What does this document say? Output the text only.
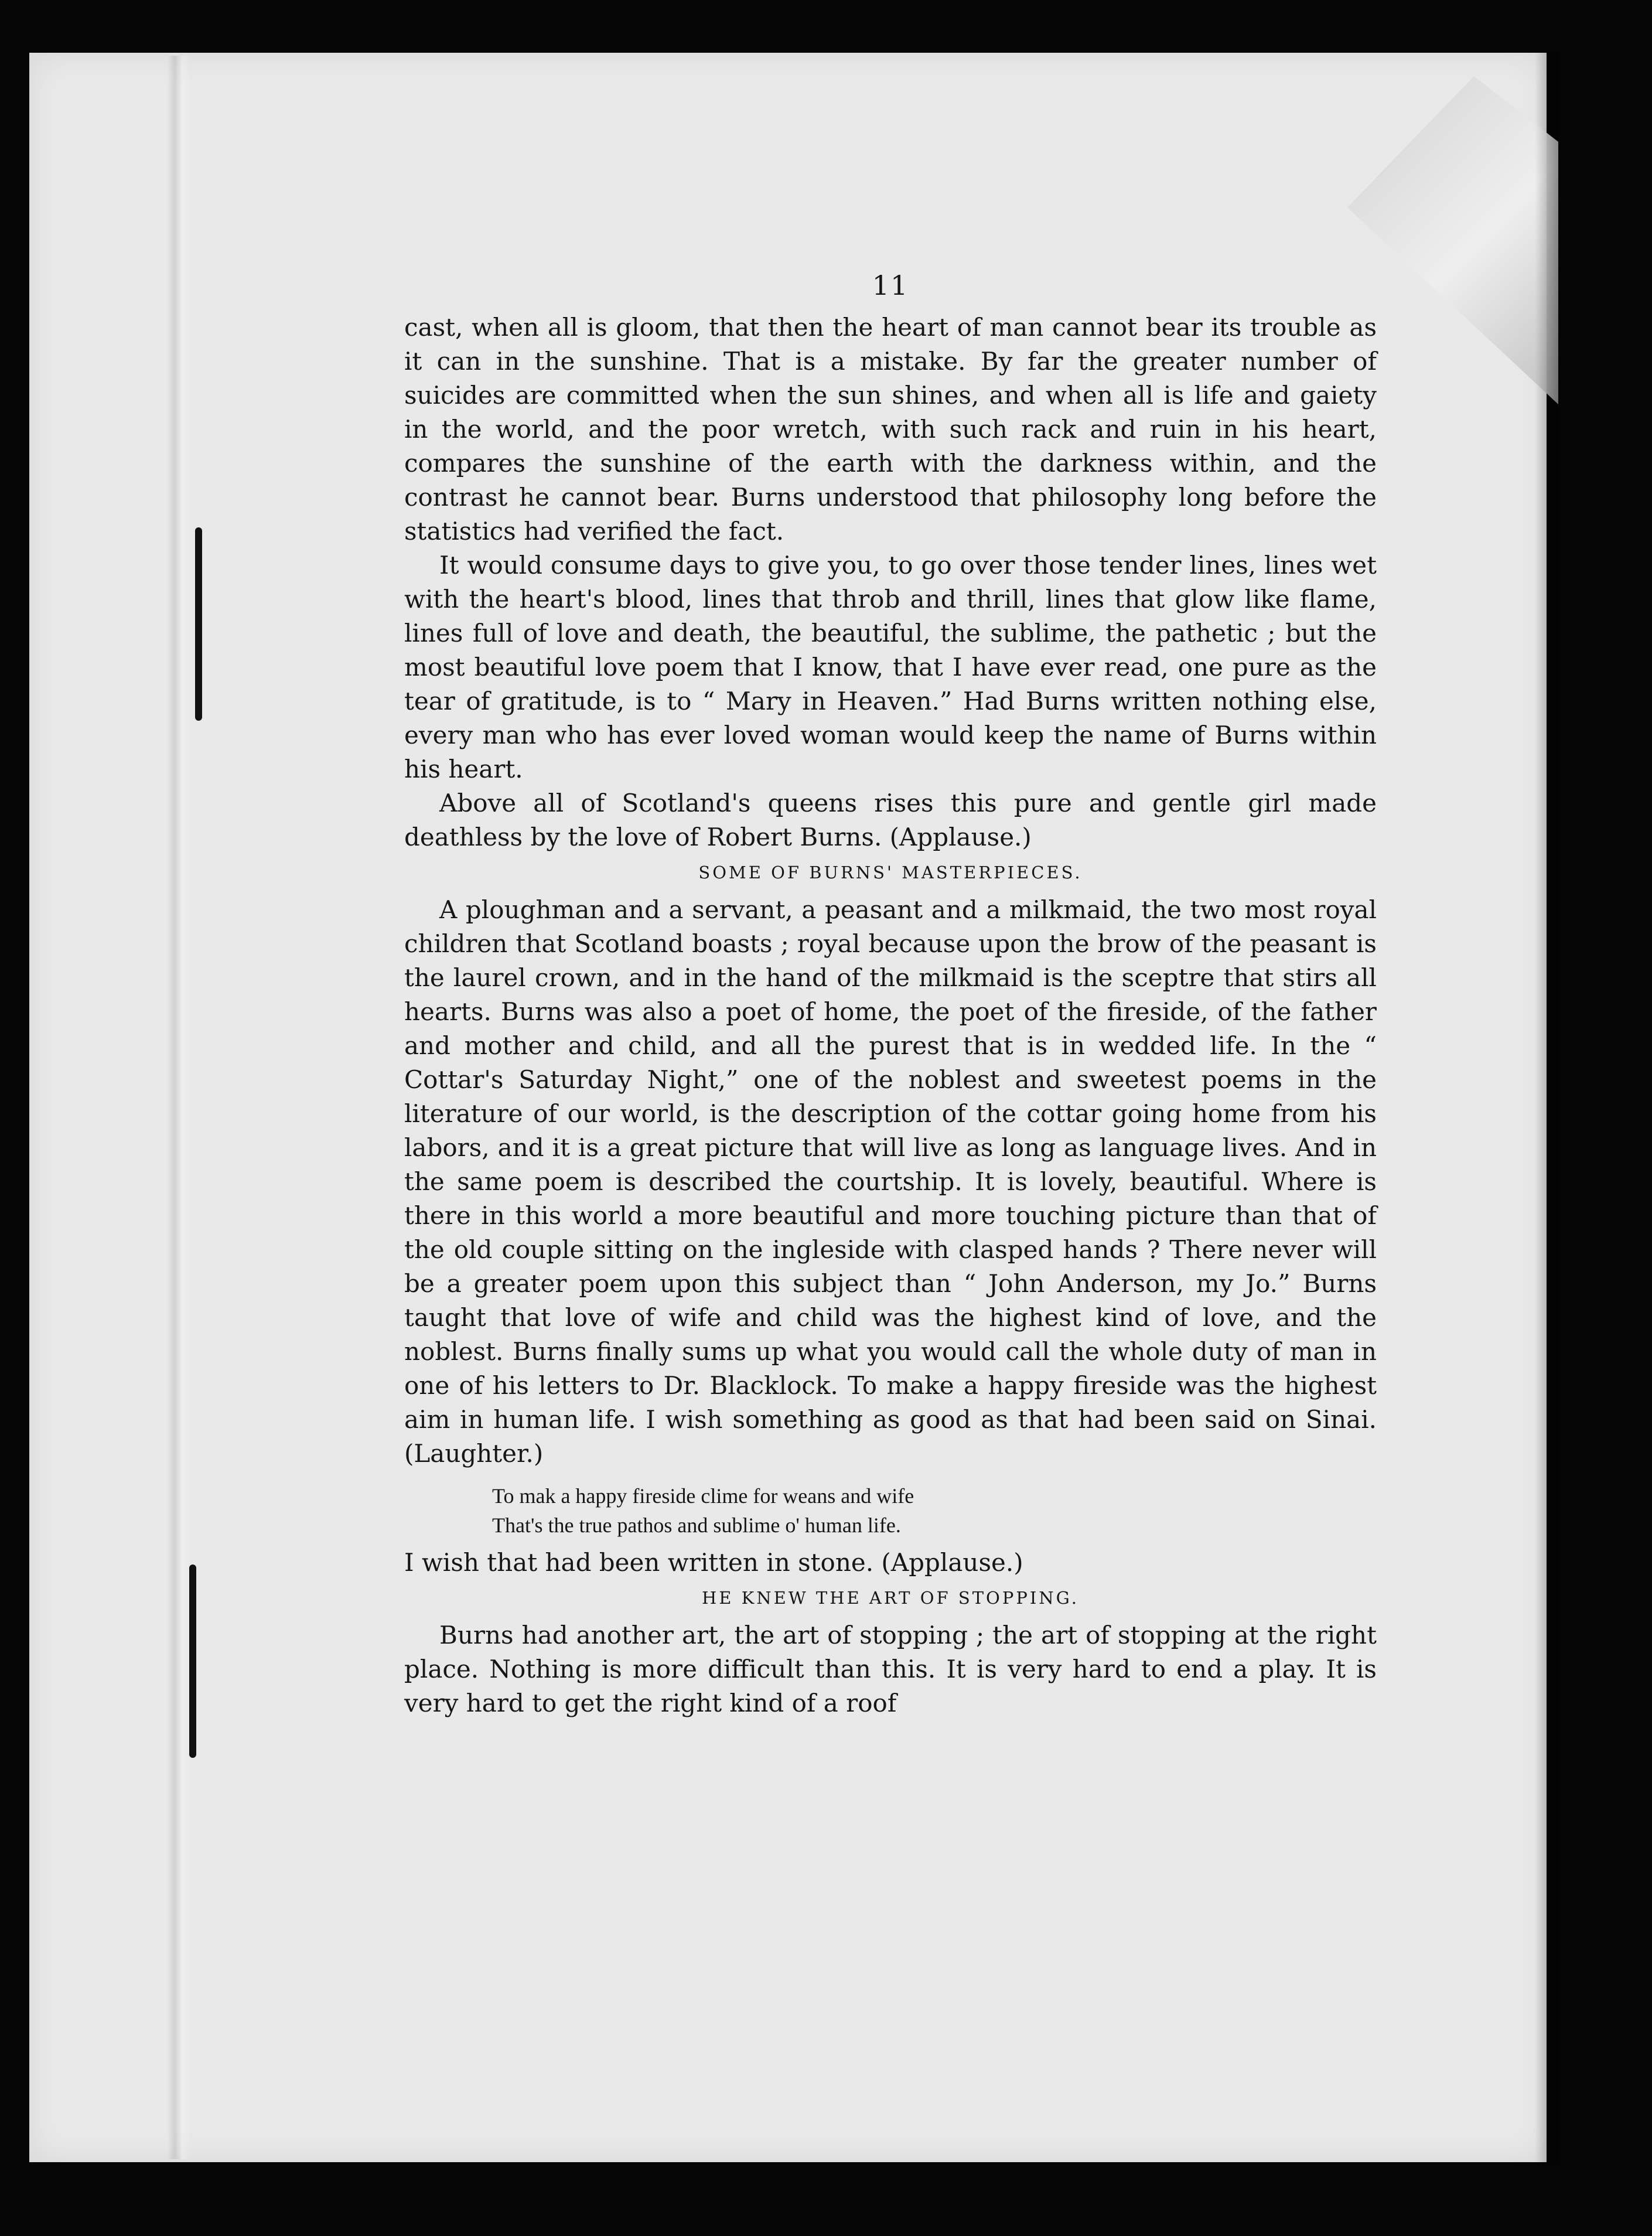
11

cast, when all is gloom, that then the heart of man cannot bear its trouble as it can in the sunshine. That is a mistake. By far the greater number of suicides are committed when the sun shines, and when all is life and gaiety in the world, and the poor wretch, with such rack and ruin in his heart, compares the sunshine of the earth with the darkness within, and the contrast he cannot bear. Burns understood that philosophy long before the statistics had verified the fact.

It would consume days to give you, to go over those tender lines, lines wet with the heart's blood, lines that throb and thrill, lines that glow like flame, lines full of love and death, the beautiful, the sublime, the pathetic ; but the most beautiful love poem that I know, that I have ever read, one pure as the tear of gratitude, is to “ Mary in Heaven.” Had Burns written nothing else, every man who has ever loved woman would keep the name of Burns within his heart.

Above all of Scotland's queens rises this pure and gentle girl made deathless by the love of Robert Burns. (Applause.)

SOME OF BURNS' MASTERPIECES.

A ploughman and a servant, a peasant and a milkmaid, the two most royal children that Scotland boasts ; royal because upon the brow of the peasant is the laurel crown, and in the hand of the milkmaid is the sceptre that stirs all hearts. Burns was also a poet of home, the poet of the fireside, of the father and mother and child, and all the purest that is in wedded life. In the “ Cottar's Saturday Night,” one of the noblest and sweetest poems in the literature of our world, is the description of the cottar going home from his labors, and it is a great picture that will live as long as language lives. And in the same poem is described the courtship. It is lovely, beautiful. Where is there in this world a more beautiful and more touching picture than that of the old couple sitting on the ingleside with clasped hands ? There never will be a greater poem upon this subject than “ John Anderson, my Jo.” Burns taught that love of wife and child was the highest kind of love, and the noblest. Burns finally sums up what you would call the whole duty of man in one of his letters to Dr. Blacklock. To make a happy fireside was the highest aim in human life. I wish something as good as that had been said on Sinai. (Laughter.)

To mak a happy fireside clime for weans and wife
That's the true pathos and sublime o' human life.

I wish that had been written in stone. (Applause.)

HE KNEW THE ART OF STOPPING.

Burns had another art, the art of stopping ; the art of stopping at the right place. Nothing is more difficult than this. It is very hard to end a play. It is very hard to get the right kind of a roof
